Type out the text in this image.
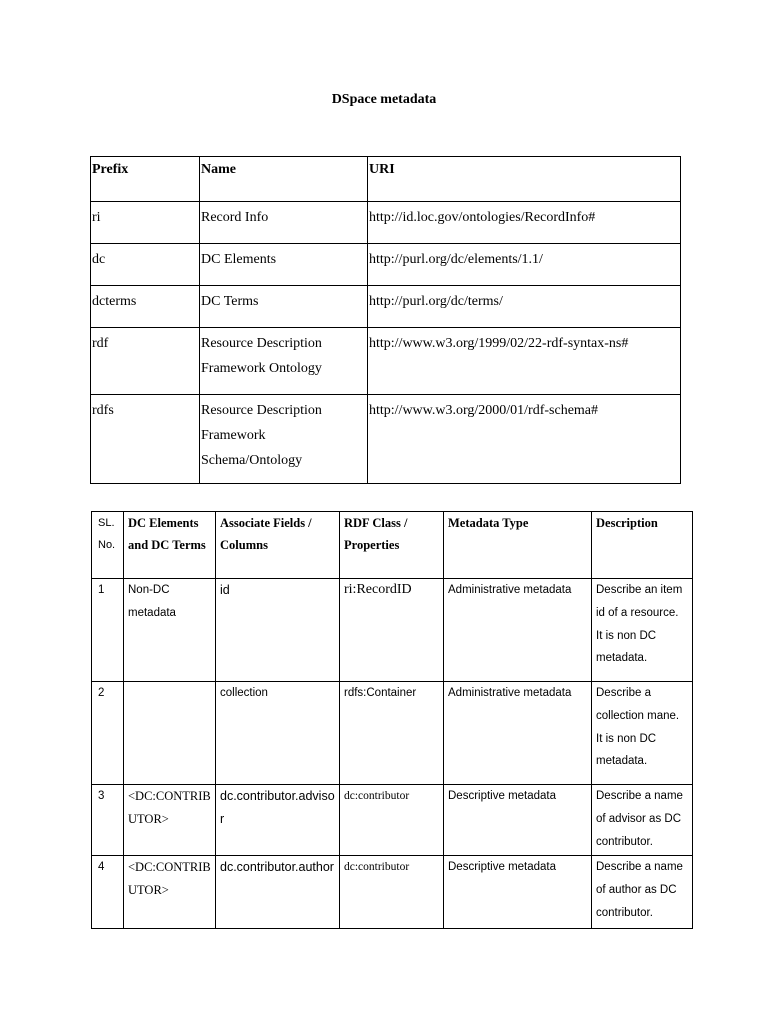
DSpace metadata
Prefix	Name	URI
ri	Record Info	http://id.loc.gov/ontologies/RecordInfo#
dc	DC Elements	http://purl.org/dc/elements/1.1/
dcterms	DC Terms	http://purl.org/dc/terms/
rdf	Resource Description Framework Ontology	http://www.w3.org/1999/02/22-rdf-syntax-ns#
rdfs	Resource Description Framework Schema/Ontology	http://www.w3.org/2000/01/rdf-schema#
SL. No.	DC Elements and DC Terms	Associate Fields / Columns	RDF Class / Properties	Metadata Type	Description
1	Non-DC metadata	id	ri:RecordID	Administrative metadata	Describe an item id of a resource. It is non DC metadata.
2		collection	rdfs:Container	Administrative metadata	Describe a collection mane. It is non DC metadata.
3	<DC:CONTRIBUTOR>	dc.contributor.advisor	dc:contributor	Descriptive metadata	Describe a name of advisor as DC contributor.
4	<DC:CONTRIBUTOR>	dc.contributor.author	dc:contributor	Descriptive metadata	Describe a name of author as DC contributor.
